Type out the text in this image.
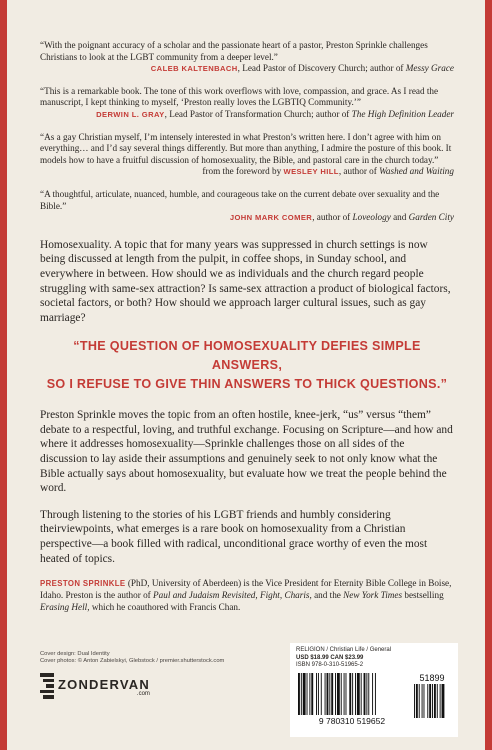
“With the poignant accuracy of a scholar and the passionate heart of a pastor, Preston Sprinkle challenges Christians to look at the LGBT community from a deeper level.”
CALEB KALTENBACH, Lead Pastor of Discovery Church; author of Messy Grace
“This is a remarkable book. The tone of this work overflows with love, compassion, and grace. As I read the manuscript, I kept thinking to myself, ‘Preston really loves the LGBTIQ Community.’”
DERWIN L. GRAY, Lead Pastor of Transformation Church; author of The High Definition Leader
“As a gay Christian myself, I’m intensely interested in what Preston’s written here. I don’t agree with him on everything… and I’d say several things differently. But more than anything, I admire the posture of this book. It models how to have a fruitful discussion of homosexuality, the Bible, and pastoral care in the church today.”
from the foreword by WESLEY HILL, author of Washed and Waiting
“A thoughtful, articulate, nuanced, humble, and courageous take on the current debate over sexuality and the Bible.”
JOHN MARK COMER, author of Loveology and Garden City

Homosexuality. A topic that for many years was suppressed in church settings is now being discussed at length from the pulpit, in coffee shops, in Sunday school, and everywhere in between. How should we as individuals and the church regard people struggling with same-sex attraction? Is same-sex attraction a product of biological factors, societal factors, or both? How should we approach larger cultural issues, such as gay marriage?

“THE QUESTION OF HOMOSEXUALITY DEFIES SIMPLE ANSWERS,
SO I REFUSE TO GIVE THIN ANSWERS TO THICK QUESTIONS.”

Preston Sprinkle moves the topic from an often hostile, knee-jerk, “us” versus “them” debate to a respectful, loving, and truthful exchange. Focusing on Scripture—and how and where it addresses homosexuality—Sprinkle challenges those on all sides of the discussion to lay aside their assumptions and genuinely seek to not only know what the Bible actually says about homosexuality, but evaluate how we treat the people behind the word.

Through listening to the stories of his LGBT friends and humbly considering theirviewpoints, what emerges is a rare book on homosexuality from a Christian perspective—a book filled with radical, unconditional grace worthy of even the most heated of topics.

PRESTON SPRINKLE (PhD, University of Aberdeen) is the Vice President for Eternity Bible College in Boise, Idaho. Preston is the author of Paul and Judaism Revisited, Fight, Charis, and the New York Times bestselling Erasing Hell, which he coauthored with Francis Chan.
Cover design: Dual Identity
Cover photos: © Anton Zabielskyi, Glebstock / premier.shutterstock.com
ZONDERVAN
.com
RELIGION / Christian Life / General
USD $18.99 CAN $23.99
ISBN 978-0-310-51965-2
9 780310 519652
51899
